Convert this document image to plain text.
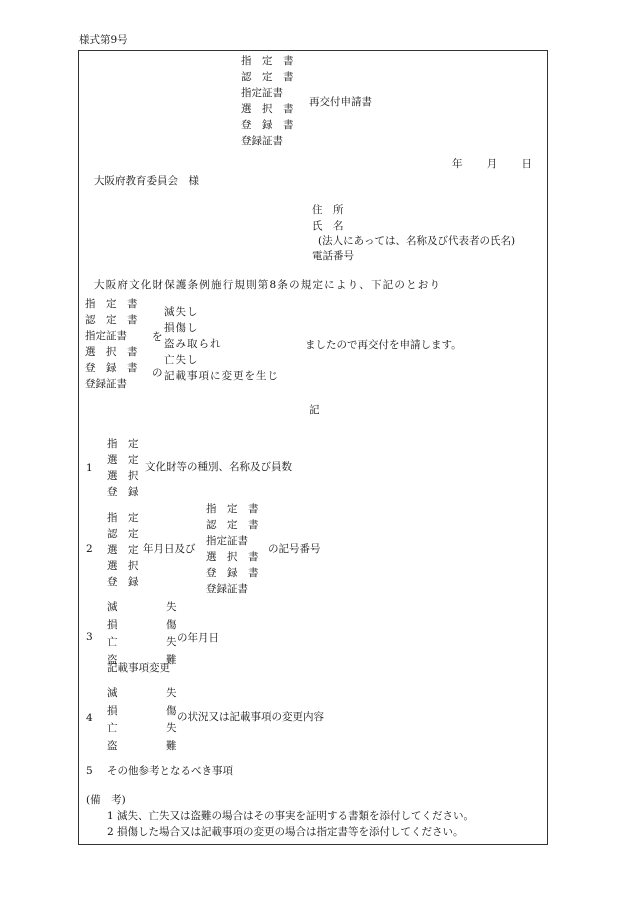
様式第9号
指　定　書
認　定　書
指定証書
選　択　書
登　録　書
登録証書
再交付申請書
年 月 日
大阪府教育委員会　様
住　所
氏　名
(法人にあっては、名称及び代表者の氏名)
電話番号
大阪府文化財保護条例施行規則第8条の規定により、下記のとおり
指　定　書
認　定　書
指定証書
選　択　書
登　録　書
登録証書
を
の
滅失し
損傷し
盗み取られ
亡失し
記載事項に変更を生じ
ましたので再交付を申請します。
記
1
指　定
選　定
選　択
登　録
文化財等の種別、名称及び員数
2
指　定
認　定
選　定
選　択
登　録
年月日及び
指　定　書
認　定　書
指定証書
選　択　書
登　録　書
登録証書
の記号番号
3
滅
損
亡
盗
失
傷
失
難
の年月日
記載事項変更
4
滅
損
亡
盗
失
傷
失
難
の状況又は記載事項の変更内容
5 その他参考となるべき事項
(備　考)
1 滅失、亡失又は盗難の場合はその事実を証明する書類を添付してください。
2 損傷した場合又は記載事項の変更の場合は指定書等を添付してください。
